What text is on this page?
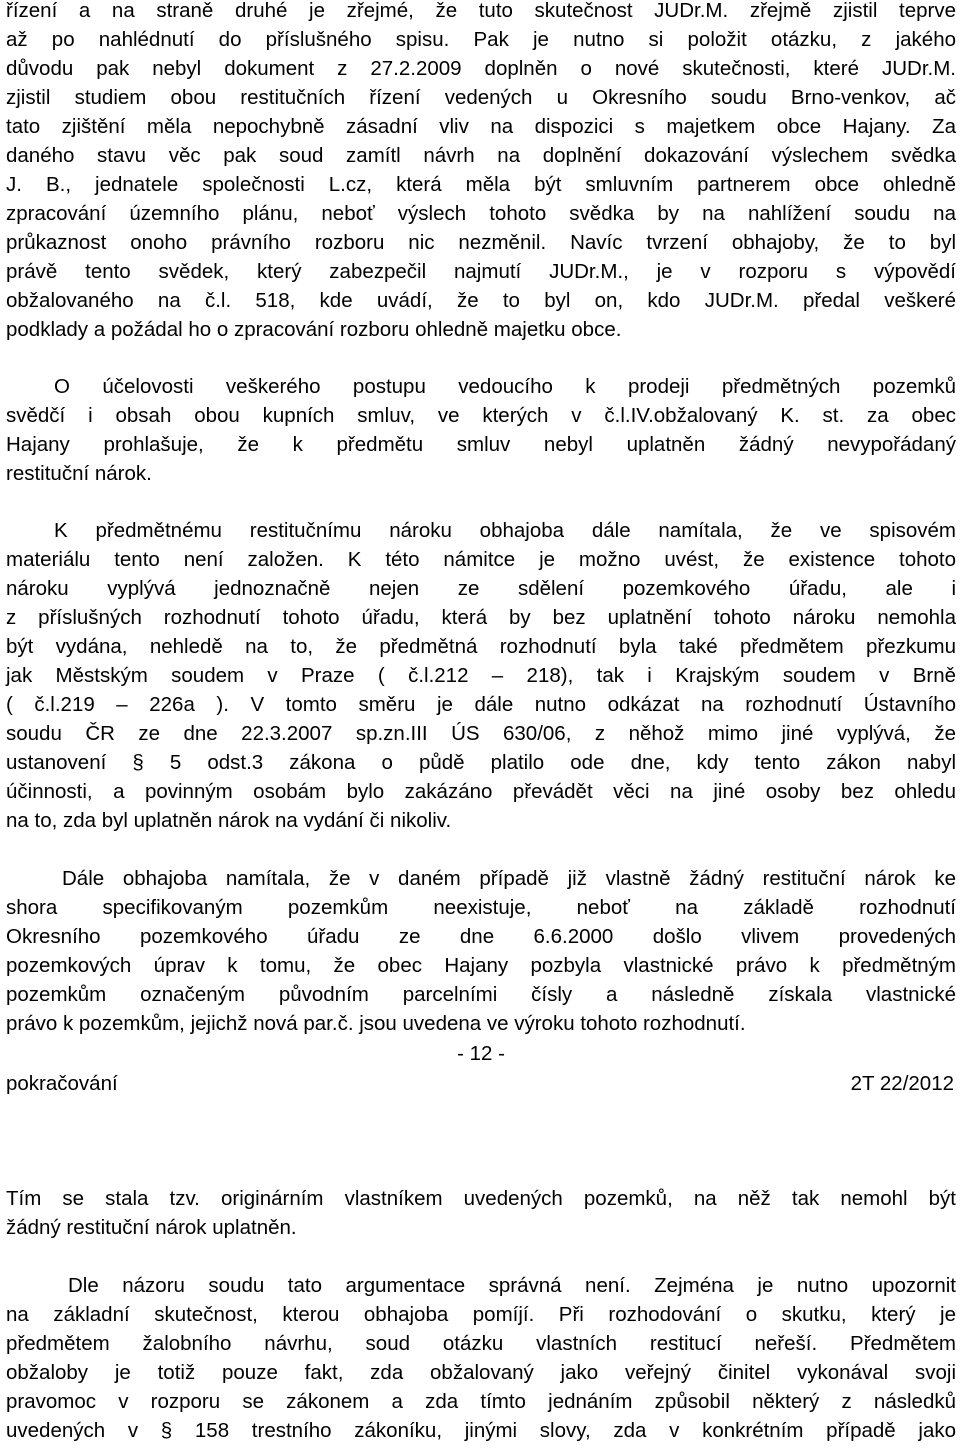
řízení a na straně druhé je zřejmé, že tuto skutečnost JUDr.M. zřejmě zjistil teprve
až po nahlédnutí do příslušného spisu. Pak je nutno si položit otázku, z jakého
důvodu pak nebyl dokument z 27.2.2009 doplněn o nové skutečnosti, které JUDr.M.
zjistil studiem obou restitučních řízení vedených u Okresního soudu Brno-venkov, ač
tato zjištění měla nepochybně zásadní vliv na dispozici s majetkem obce Hajany. Za
daného stavu věc pak soud zamítl návrh na doplnění dokazování výslechem svědka
J. B., jednatele společnosti L.cz, která měla být smluvním partnerem obce ohledně
zpracování územního plánu, neboť výslech tohoto svědka by na nahlížení soudu na
průkaznost onoho právního rozboru nic nezměnil. Navíc tvrzení obhajoby, že to byl
právě tento svědek, který zabezpečil najmutí JUDr.M., je v rozporu s výpovědí
obžalovaného na č.l. 518, kde uvádí, že to byl on, kdo JUDr.M. předal veškeré
podklady a požádal ho o zpracování rozboru ohledně majetku obce.
O účelovosti veškerého postupu vedoucího k prodeji předmětných pozemků
svědčí i obsah obou kupních smluv, ve kterých v č.l.IV.obžalovaný K. st. za obec
Hajany prohlašuje, že k předmětu smluv nebyl uplatněn žádný nevypořádaný
restituční nárok.
K předmětnému restitučnímu nároku obhajoba dále namítala, že ve spisovém
materiálu tento není založen. K této námitce je možno uvést, že existence tohoto
nároku vyplývá jednoznačně nejen ze sdělení pozemkového úřadu, ale i
z příslušných rozhodnutí tohoto úřadu, která by bez uplatnění tohoto nároku nemohla
být vydána, nehledě na to, že předmětná rozhodnutí byla také předmětem přezkumu
jak Městským soudem v Praze ( č.l.212 – 218), tak i Krajským soudem v Brně
( č.l.219 – 226a ). V tomto směru je dále nutno odkázat na rozhodnutí Ústavního
soudu ČR ze dne 22.3.2007 sp.zn.III ÚS 630/06, z něhož mimo jiné vyplývá, že
ustanovení § 5 odst.3 zákona o půdě platilo ode dne, kdy tento zákon nabyl
účinnosti, a povinným osobám bylo zakázáno převádět věci na jiné osoby bez ohledu
na to, zda byl uplatněn nárok na vydání či nikoliv.
Dále obhajoba namítala, že v daném případě již vlastně žádný restituční nárok ke
shora specifikovaným pozemkům neexistuje, neboť na základě rozhodnutí
Okresního pozemkového úřadu ze dne 6.6.2000 došlo vlivem provedených
pozemkových úprav k tomu, že obec Hajany pozbyla vlastnické právo k předmětným
pozemkům označeným původním parcelními čísly a následně získala vlastnické
právo k pozemkům, jejichž nová par.č. jsou uvedena ve výroku tohoto rozhodnutí.
- 12 -
pokračování	2T 22/2012
Tím se stala tzv. originárním vlastníkem uvedených pozemků, na něž tak nemohl být
žádný restituční nárok uplatněn.
Dle názoru soudu tato argumentace správná není. Zejména je nutno upozornit
na základní skutečnost, kterou obhajoba pomíjí. Při rozhodování o skutku, který je
předmětem žalobního návrhu, soud otázku vlastních restitucí neřeší. Předmětem
obžaloby je totiž pouze fakt, zda obžalovaný jako veřejný činitel vykonával svoji
pravomoc v rozporu se zákonem a zda tímto jednáním způsobil některý z následků
uvedených v § 158 trestního zákoníku, jinými slovy, zda v konkrétním případě jako
